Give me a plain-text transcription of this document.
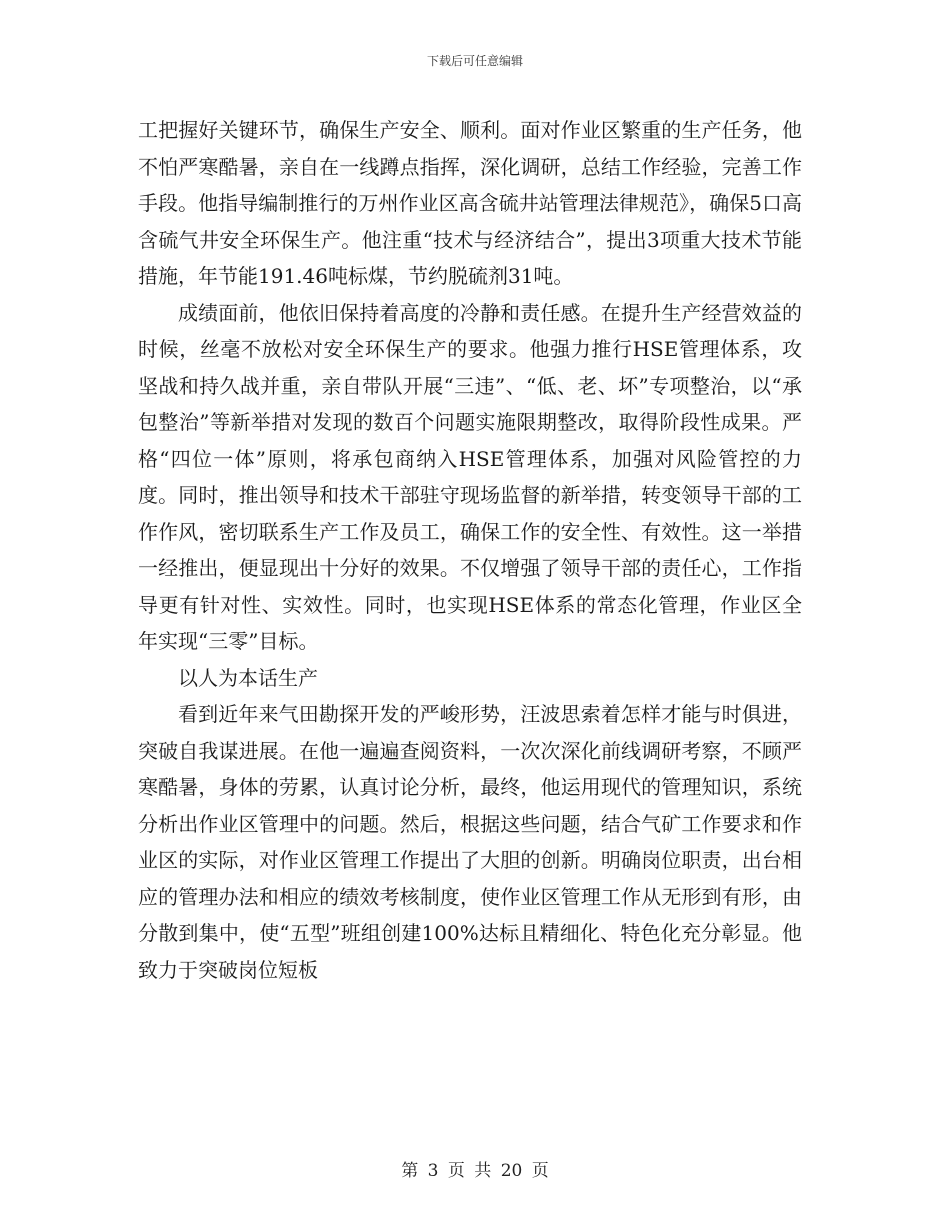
下载后可任意编辑

工把握好关键环节，确保生产安全、顺利。面对作业区繁重的生产任务，他不怕严寒酷暑，亲自在一线蹲点指挥，深化调研，总结工作经验，完善工作手段。他指导编制推行的万州作业区高含硫井站管理法律规范》，确保5口高含硫气井安全环保生产。他注重“技术与经济结合”，提出3项重大技术节能措施，年节能191.46吨标煤，节约脱硫剂31吨。

成绩面前，他依旧保持着高度的冷静和责任感。在提升生产经营效益的时候，丝毫不放松对安全环保生产的要求。他强力推行HSE管理体系，攻坚战和持久战并重，亲自带队开展“三违”、“低、老、坏”专项整治，以“承包整治”等新举措对发现的数百个问题实施限期整改，取得阶段性成果。严格“四位一体”原则，将承包商纳入HSE管理体系，加强对风险管控的力度。同时，推出领导和技术干部驻守现场监督的新举措，转变领导干部的工作作风，密切联系生产工作及员工，确保工作的安全性、有效性。这一举措一经推出，便显现出十分好的效果。不仅增强了领导干部的责任心，工作指导更有针对性、实效性。同时，也实现HSE体系的常态化管理，作业区全年实现“三零”目标。

以人为本话生产

看到近年来气田勘探开发的严峻形势，汪波思索着怎样才能与时俱进，突破自我谋进展。在他一遍遍查阅资料，一次次深化前线调研考察，不顾严寒酷暑，身体的劳累，认真讨论分析，最终，他运用现代的管理知识，系统分析出作业区管理中的问题。然后，根据这些问题，结合气矿工作要求和作业区的实际，对作业区管理工作提出了大胆的创新。明确岗位职责，出台相应的管理办法和相应的绩效考核制度，使作业区管理工作从无形到有形，由分散到集中，使“五型”班组创建100%达标且精细化、特色化充分彰显。他致力于突破岗位短板

第 3 页 共 20 页
